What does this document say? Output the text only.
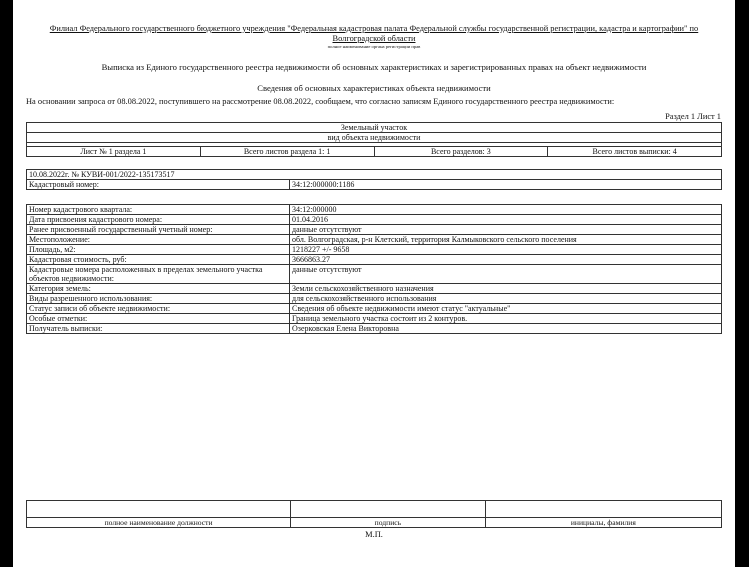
Филиал Федерального государственного бюджетного учреждения "Федеральная кадастровая палата Федеральной службы государственной регистрации, кадастра и картографии" по Волгоградской области
полное наименование органа регистрации прав
Выписка из Единого государственного реестра недвижимости об основных характеристиках и зарегистрированных правах на объект недвижимости
Сведения об основных характеристиках объекта недвижимости
На основании запроса от 08.08.2022, поступившего на рассмотрение 08.08.2022, сообщаем, что согласно записям Единого государственного реестра недвижимости:
Раздел 1 Лист 1
Земельный участок
вид объекта недвижимости

Лист № 1 раздела 1	Всего листов раздела 1: 1	Всего разделов: 3	Всего листов выписки: 4
10.08.2022г. № КУВИ-001/2022-135173517
Кадастровый номер:	34:12:000000:1186
Номер кадастрового квартала:	34:12:000000
Дата присвоения кадастрового номера:	01.04.2016
Ранее присвоенный государственный учетный номер:	данные отсутствуют
Местоположение:	обл. Волгоградская, р-н Клетский, территория Калмыковского сельского поселения
Площадь, м2:	1218227 +/- 9658
Кадастровая стоимость, руб:	3666863.27
Кадастровые номера расположенных в пределах земельного участка объектов недвижимости:	данные отсутствуют
Категория земель:	Земли сельскохозяйственного назначения
Виды разрешенного использования:	для сельскохозяйственного использования
Статус записи об объекте недвижимости:	Сведения об объекте недвижимости имеют статус "актуальные"
Особые отметки:	Граница земельного участка состоит из 2 контуров.
Получатель выписки:	Озерковская Елена Викторовна

полное наименование должности	подпись	инициалы, фамилия
М.П.
